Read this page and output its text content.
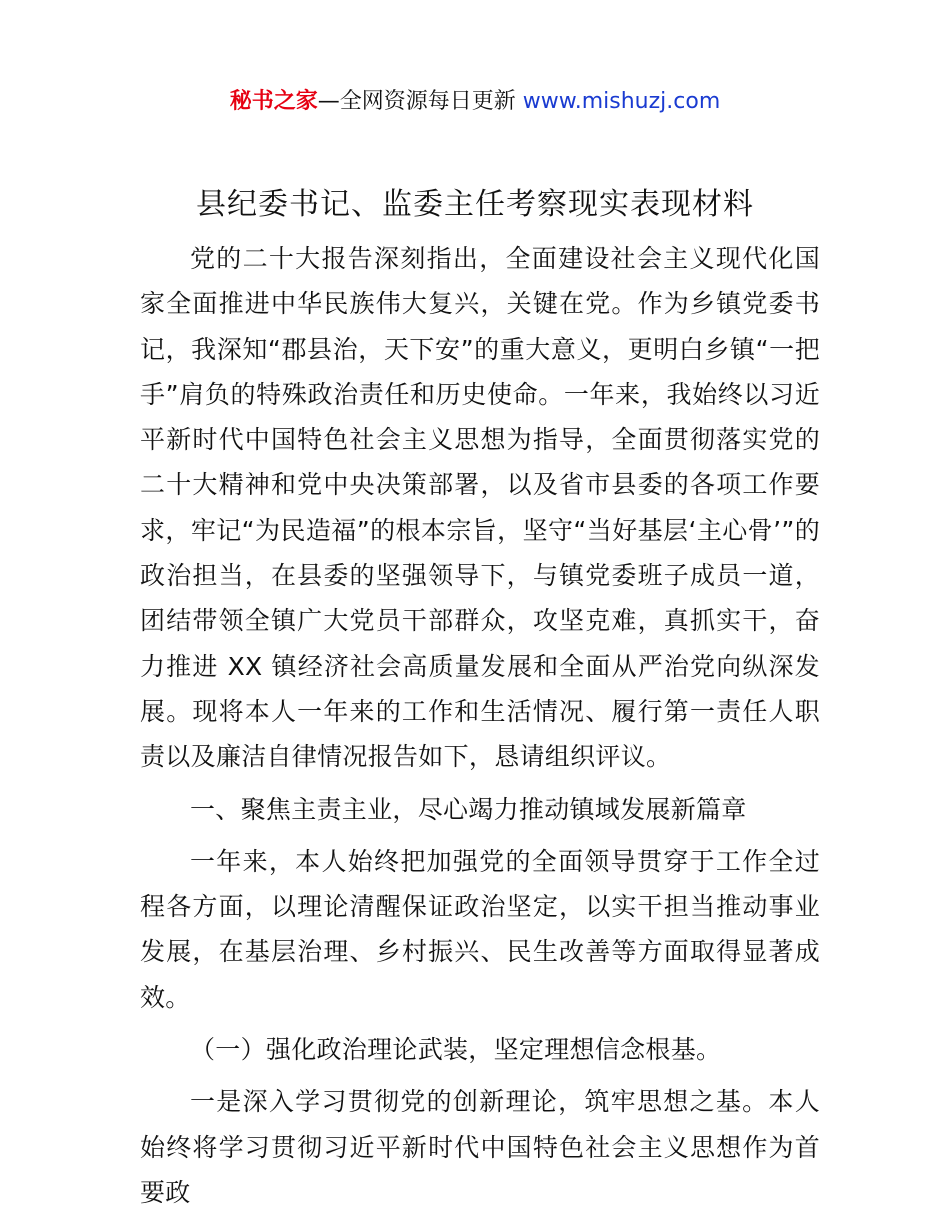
秘书之家—全网资源每日更新 www.mishuzj.com
县纪委书记、监委主任考察现实表现材料

党的二十大报告深刻指出，全面建设社会主义现代化国家全面推进中华民族伟大复兴，关键在党。作为乡镇党委书记，我深知“郡县治，天下安”的重大意义，更明白乡镇“一把手”肩负的特殊政治责任和历史使命。一年来，我始终以习近平新时代中国特色社会主义思想为指导，全面贯彻落实党的二十大精神和党中央决策部署，以及省市县委的各项工作要求，牢记“为民造福”的根本宗旨，坚守“当好基层‘主心骨’”的政治担当，在县委的坚强领导下，与镇党委班子成员一道，团结带领全镇广大党员干部群众，攻坚克难，真抓实干，奋力推进 XX 镇经济社会高质量发展和全面从严治党向纵深发展。现将本人一年来的工作和生活情况、履行第一责任人职责以及廉洁自律情况报告如下，恳请组织评议。

一、聚焦主责主业，尽心竭力推动镇域发展新篇章

一年来，本人始终把加强党的全面领导贯穿于工作全过程各方面，以理论清醒保证政治坚定，以实干担当推动事业发展，在基层治理、乡村振兴、民生改善等方面取得显著成效。

（一）强化政治理论武装，坚定理想信念根基。

一是深入学习贯彻党的创新理论，筑牢思想之基。本人始终将学习贯彻习近平新时代中国特色社会主义思想作为首要政
